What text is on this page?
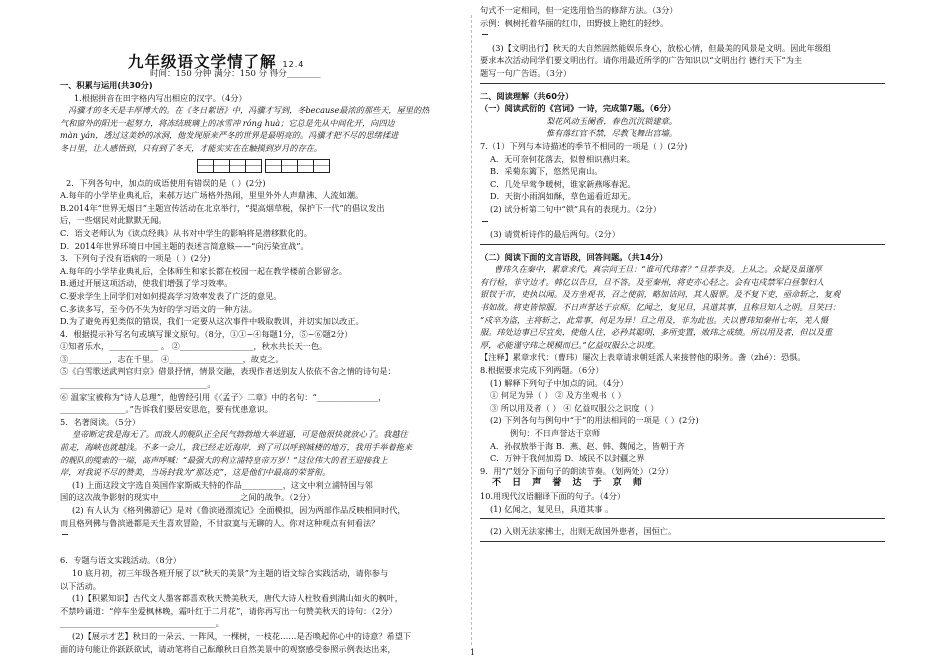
九年级语文学情了解 12.4
时间：150 分钟 满分：150 分 得分________
一、积累与运用(共30分)
1.根据拼音在田字格内写出相应的汉字。（4分）
冯骥才的冬天是丰厚博大的。在《冬日絮语》中，冯骥才写到，冬because最浓的那些天，屋里的热
气和窗外的阳光一起努力，将冻结玻璃上的冰雪冲 róng huà；它总是先从中间化开，向四边
màn yán，透过这美妙的冰洞，他发现原来严冬的世界是最明亮的。冯骥才把不尽的思绪揉进
冬日里，让人感悟到，只有到了冬天，才能实实在在触摸到岁月的存在。
2．下列各句中，加点的成语使用有错误的是（ ）(2分)
A.每年的小学毕业典礼后，来郝万达广场格外热闹，里里外外人声鼎沸、人流如潮。
B.2014年“世界无烟日”主题宣传活动在北京举行，“提高烟草税，保护下一代”的倡议发出
后，一些烟民对此默默无闻。
C．语文老师认为《读点经典》从书对中学生的影响将是潜移默化的。
D．2014年世界环境日中国主题的表述言简意赅——“向污染宣战”。
3．下列句子没有语病的一项是（ ）(2分)
A.每年的小学毕业典礼后，全体师生和家长都在校园一起在教学楼前合影留念。
B.通过开展这项活动，使我们增强了学习效率。
C.要求学生上同学们对如何提高学习效率发表了广泛的意见。
C.多读多写，至今仍不失为好的学习语文的一种方法。
D.为了避免再犯类似的错误，我们一定要从这次事件中吸取教训，并切实加以改正。
4．根据提示补写名句或填写课文原句。（8分，①①~④每题1分，⑤~⑥题2分）
①知者乐水，____________ 。 ②__________________，秋水共长天一色。
③__________，志在千里。 ④__________________，故克之。
⑤《白雪歌送武判官归京》借景抒情，情景交融，表现作者送别友人依依不舍之情的诗句是：
____________________________________。
⑥ 温家宝被称为“诗人总理”，他曾经引用《〈孟子〉二章》中的名句：“_______________，
________________。”告诉我们要居安思危，要有忧患意识。
5．名著阅读。（5分）
皇帝断定我是海无了。而敌人的舰队正全民气勃勃地大举进逼，可是他很快就放心了。我越往
前走，海峡也就越浅。不多一会儿，我已经走近海岸，到了可以呼到城楼的地方，我用手举着拖来
的舰队的缆索的一端，高声呼喊：“最强大的利立浦特皇帝万岁！”这位伟大的君王迎接我上
岸，对我说不尽的赞美，当场封我为“那达克”，这是他们中最高的荣誉衔。
(1) 上面这段文字选自英国作家斯威夫特的作品__________，这文中利立浦特国与邻
国的这次战争影射的现实中____________________之间的战争。（2分）
(2) 有人认为《格列佛游记》是对《鲁滨逊漂流记》全面模拟，因为两部作品反映相同时代，
而且格列佛与鲁滨逊都是天生喜欢冒险，不甘寂寞与无聊的人。你对这种观点有何看法？
6．专题与语文实践活动。（8分）
10 底月初，初三年级各班开展了以“秋天的美景”为主题的语文综合实践活动，请你参与
以下活动。
(1)【积累知识】古代文人墨客都喜欢秋天赞美秋天，唐代大诗人杜牧看到满山如火的枫叶，
不禁吟诵道：“停车坐爱枫林晚，霜叶红于二月花”，请你再写出一句赞美秋天的诗句：（2分）
______________________________________。
(2)【展示才艺】秋日的一朵云、一阵风，一棵树，一枝花……是否唤起你心中的诗意？希望下
面的诗句能让你跃跃欲试，请动笔将自己酝酿秋日自然美景中的观察感受参照示例表达出来，
句式不一定相同，但一定选用恰当的修辞方法。（3分）
示例：枫树托着华丽的红巾，田野披上艳红的轻纱。
(3)【文明出行】秋天的大自然固然能娱乐身心，放松心情，但最美的风景是文明。因此年级组
要求本次活动同学们要文明出行。请你用最近所学的广告知识以“文明出行 德行天下”为主
题写一句广告语。（3分）
二、阅读理解（共60分）
（一）阅读武衍的《宫词》一诗，完成第7题。（6分）
梨花风动玉阑香，春色沉沉锁建章。
惟有落红官不禁，尽教飞舞出宫墙。
7.（1）下列与本诗描述的季节不相同的一项是（ ）(2分)
A．无可奈何花落去，似曾相识燕归来。
B．采菊东篱下，悠然见南山。
C．几处早莺争暖树，谁家新燕啄春泥。
D．天街小雨润如酥，草色遥看近却无。
(2) 试分析第二句中“锁”具有的表现力。（2分）
(3) 请赏析诗作的最后两句。（2分）
（二）阅读下面的文言语段，回答问题。（共14分）
曹玮久在秦中，累章求代。真宗问王旦：“谁可代玮者？”旦荐李及。上从之。众疑及虽谨厚
有行检，非守边才。韩亿以告旦，旦不答。及至秦州，将吏亦心轻之。会有屯戍禁军白昼掣妇人
银钗于市，吏执以闻。及方坐观书，召之使前，略加诘问，其人服罪。及不复下吏，亟命斩之，复观
书如故。将吏皆惊服。不日声誉达于京师。亿闻之，复见旦，具道其事，且称旦知人之明。旦笑曰：
“戍卒为盗，主将斩之，此常事，何足为异！旦之用及，非为此也。夫以曹玮知秦州七年，羌人慑
服。玮处边事已尽宜矣，使他人往，必矜其聪明，多所变置，败玮之成绩。所以用及者，但以及重
厚，必能谨守玮之规模而已。”亿益叹服公之识度。
【注释】累章求代：（曹玮）屡次上表章请求朝廷派人来接替他的职务。詟（zhé）：恐惧。
8.根据要求完成下列两题。（6分）
(1) 解释下列句子中加点的词。（4分）
① 何足为异（ ） ② 及方坐观书（ ）
③ 所以用及者（ ） ④ 亿益叹服公之识度（ ）
(2) 下列各句与例句中“于”的用法相同的一项是（ ）(2分)
例句：不日声誉达于京师
A．孙叔敖举于海 B．燕、赵、韩、魏闻之，皆朝于齐
C．万钟于我何加焉 D．域民不以封疆之界
9．用“/”划分下面句子的朗读节奏。（划两处）（2分）
不 日 声 誉 达 于 京 师
10.用现代汉语翻译下面的句子。（4分）
(1) 亿闻之，复见旦，具道其事 。
(2) 入则无法家拂士，出则无敌国外患者，国恒亡。
1
